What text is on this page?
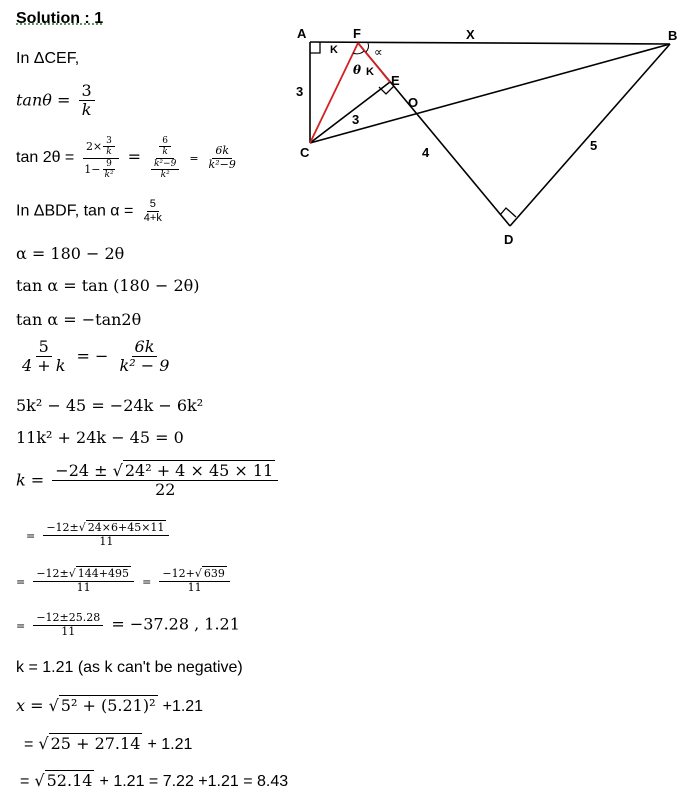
Solution : 1
A	F	X	B
E
O
C
D
K
K
θ
∝
3
3
4	5
In ΔCEF,
$\tan\theta = \frac{3}{k}$
$\tan 2\theta = \frac{2\times \frac{3}{k}}{1- \frac{9}{\text{k²}}} = \frac{\frac{6}{k}}{\frac{\text{k²−9}}{\text{k²}}} = \frac{6k}{\text{k²−9}}$
In ΔBDF, $\tan \alpha = \frac{5}{4+k}$
α = 180 − 2θ
tan α = tan (180 − 2θ)
tan α = −tan2θ
$\frac{5}{4 + k}$ = − $\frac{6k}{\text{k² − 9}}$
5k² − 45 = −24k − 6k²
11k² + 24k − 45 = 0
$k = \frac{\text{−24 ± √ 24² + 4 × 45 × 11}}{22}$
= $\frac{-12\pm√ 24\times 6+45\times 11}{11}$
= $\frac{-12\pm√ 144+495}{11} = \frac{-12+√ 639}{11}$
= $\frac{-12\pm 25.28}{11} = -37.28$ , 1.21
k = 1.21 (as k can't be negative)
x = √ 5² + (5.21)² +1.21
= √ 25 + 27.14 + 1.21
= √ 52.14 + 1.21 = 7.22 +1.21 = 8.43
